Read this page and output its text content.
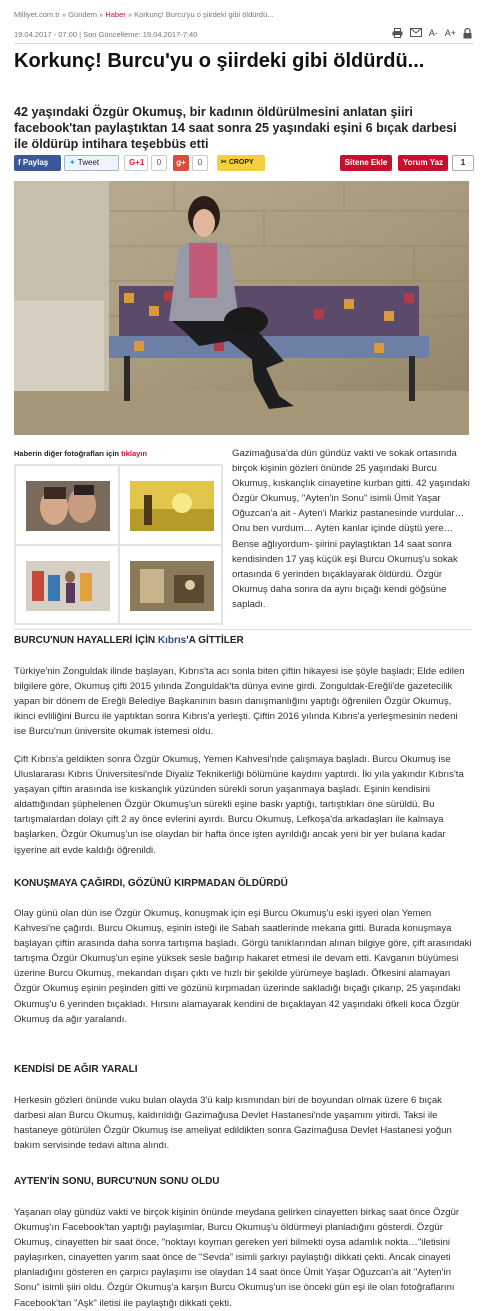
Milliyet.com.tr » Gündem » Haber » Korkunç! Burcu'yu o şiirdeki gibi öldürdü...
19.04.2017 - 07:00 | Son Güncelleme: 19.04.2017-7:40	A- A+
Korkunç! Burcu'yu o şiirdeki gibi öldürdü...
42 yaşındaki Özgür Okumuş, bir kadının öldürülmesini anlatan şiiri facebook'tan paylaştıktan 14 saat sonra 25 yaşındaki eşini 6 bıçak darbesi ile öldürüp intihara teşebbüs etti
f Paylaş	✦ Tweet	G+1	0	g+	0	✂ CROPY	Sitene Ekle	Yorum Yaz	1
Haberin diğer fotoğrafları için tıklayın	Gazimağusa'da dün gündüz vakti ve sokak ortasında birçok kişinin gözleri önünde 25 yaşındaki Burcu Okumuş, kıskançlık cinayetine kurban gitti. 42 yaşındaki Özgür Okumuş, "Ayten'in Sonu" isimli Ümit Yaşar Oğuzcan'a ait - Ayten'i Markiz pastanesinde vurdular… Onu ben vurdum… Ayten kanlar içinde düştü yere… Bense ağlıyordum- şiirini paylaştıktan 14 saat sonra kendisinden 17 yaş küçük eşi Burcu Okumuş'u sokak ortasında 6 yerinden bıçaklayarak öldürdü. Özgür Okumuş daha sonra da aynı bıçağı kendi göğsüne sapladı.

BURCU'NUN HAYALLERİ İÇİN Kıbrıs'A GİTTİLER

Türkiye'nin Zonguldak ilinde başlayan, Kıbrıs'ta acı sonla biten çiftin hikayesi ise şöyle başladı; Elde edilen bilgilere göre, Okumuş çifti 2015 yılında Zonguldak'ta dünya evine girdi. Zonguldak-Ereğli'de gazetecilik yapan bir dönem de Ereğli Belediye Başkanının basın danışmanlığını yaptığı öğrenilen Özgür Okumuş, ikinci evliliğini Burcu ile yaptıktan sonra Kıbrıs'a yerleşti. Çiftin 2016 yılında Kıbrıs'a yerleşmesinin nedeni ise Burcu'nun üniversite okumak istemesi oldu.

Çift Kıbrıs'a geldikten sonra Özgür Okumuş, Yemen Kahvesi'nde çalışmaya başladı. Burcu Okumuş ise Uluslararası Kıbrıs Üniversitesi'nde Diyaliz Teknikerliği bölümüne kaydını yaptırdı. İki yıla yakındır Kıbrıs'ta yaşayan çiftin arasında ise kıskançlık yüzünden sürekli sorun yaşanmaya başladı. Eşinin kendisini aldattığından şüphelenen Özgür Okumuş'un sürekli eşine baskı yaptığı, tartıştıkları öne sürüldü. Bu tartışmalardan dolayı çift 2 ay önce evlerini ayırdı. Burcu Okumuş, Lefkoşa'da arkadaşları ile kalmaya başlarken, Özgür Okumuş'un ise olaydan bir hafta önce işten ayrıldığı ancak yeni bir yer bulana kadar işyerine ait evde kaldığı öğrenildi.

KONUŞMAYA ÇAĞIRDI, GÖZÜNÜ KIRPMADAN ÖLDÜRDÜ

Olay günü olan dün ise Özgür Okumuş, konuşmak için eşi Burcu Okumuş'u eski işyeri olan Yemen Kahvesi'ne çağırdı. Burcu Okumuş, eşinin isteği ile Sabah saatlerinde mekana gitti. Burada konuşmaya başlayan çiftin arasında daha sonra tartışma başladı. Görgü tanıklarından alınan bilgiye göre, çift arasındaki tartışma Özgür Okumuş'un eşine yüksek sesle bağırıp hakaret etmesi ile devam etti. Kavganın büyümesi üzerine Burcu Okumuş, mekandan dışarı çıktı ve hızlı bir şekilde yürümeye başladı. Öfkesini alamayan Özgür Okumuş eşinin peşinden gitti ve gözünü kırpmadan üzerinde sakladığı bıçağı çıkarıp, 25 yaşındaki Okumuş'u 6 yerinden bıçakladı. Hırsını alamayarak kendini de bıçaklayan 42 yaşındaki öfkeli koca Özgür Okumuş da ağır yaralandı.

KENDİSİ DE AĞIR YARALI

Herkesin gözleri önünde vuku bulan olayda 3'ü kalp kısmından biri de boyundan olmak üzere 6 bıçak darbesi alan Burcu Okumuş, kaldırıldığı Gazimağusa Devlet Hastanesi'nde yaşamını yitirdi. Taksi ile hastaneye götürülen Özgür Okumuş ise ameliyat edildikten sonra Gazimağusa Devlet Hastanesi yoğun bakım servisinde tedavi altına alındı.

AYTEN'İN SONU, BURCU'NUN SONU OLDU

Yaşanan olay gündüz vakti ve birçok kişinin önünde meydana gelirken cinayetten birkaç saat önce Özgür Okumuş'ın Facebook'tan yaptığı paylaşımlar, Burcu Okumuş'u öldürmeyi planladığını gösterdi. Özgür Okumuş, cinayetten bir saat önce, "noktayı koyman gereken yeri bilmekti oysa adamlık nokta…"iletisini paylaşırken, cinayetten yarım saat önce de "Sevda" isimli şarkıyı paylaştığı dikkati çekti. Ancak cinayeti planladığını gösteren en çarpıcı paylaşımı ise olaydan 14 saat önce Ümit Yaşar Oğuzcan'a ait "Ayten'in Sonu" isimli şiiri oldu. Özgür Okumuş'a karşın Burcu Okumuş'un ise önceki gün eşi ile olan fotoğraflarını Facebook'tan "Aşk" iletisi ile paylaştığı dikkati çekti.
